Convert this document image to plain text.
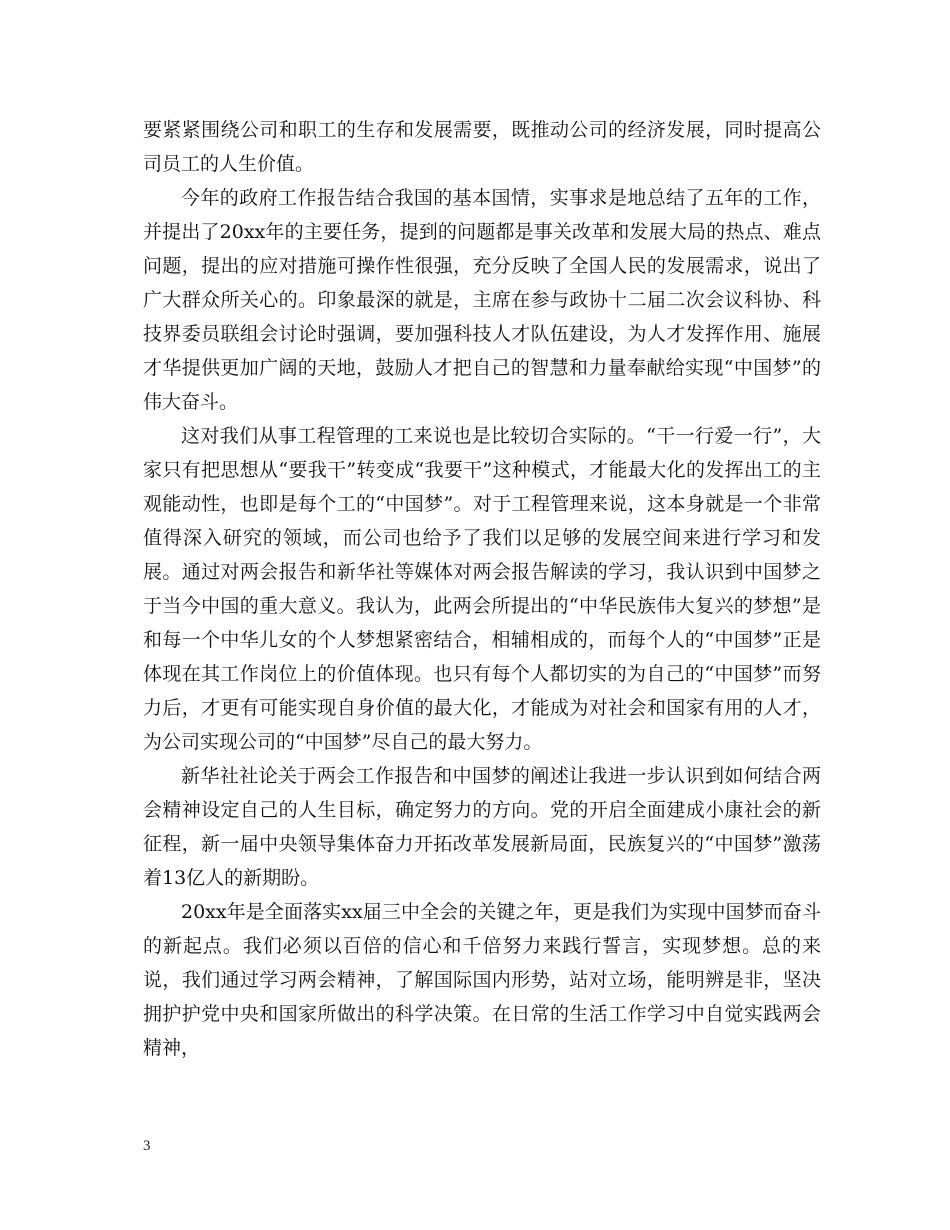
要紧紧围绕公司和职工的生存和发展需要，既推动公司的经济发展，同时提高公司员工的人生价值。

今年的政府工作报告结合我国的基本国情，实事求是地总结了五年的工作，并提出了20xx年的主要任务，提到的问题都是事关改革和发展大局的热点、难点问题，提出的应对措施可操作性很强，充分反映了全国人民的发展需求，说出了广大群众所关心的。印象最深的就是，主席在参与政协十二届二次会议科协、科技界委员联组会讨论时强调，要加强科技人才队伍建设，为人才发挥作用、施展才华提供更加广阔的天地，鼓励人才把自己的智慧和力量奉献给实现“中国梦”的伟大奋斗。

这对我们从事工程管理的工来说也是比较切合实际的。“干一行爱一行”，大家只有把思想从“要我干”转变成“我要干”这种模式，才能最大化的发挥出工的主观能动性，也即是每个工的“中国梦”。对于工程管理来说，这本身就是一个非常值得深入研究的领域，而公司也给予了我们以足够的发展空间来进行学习和发展。通过对两会报告和新华社等媒体对两会报告解读的学习，我认识到中国梦之于当今中国的重大意义。我认为，此两会所提出的“中华民族伟大复兴的梦想”是和每一个中华儿女的个人梦想紧密结合，相辅相成的，而每个人的“中国梦”正是体现在其工作岗位上的价值体现。也只有每个人都切实的为自己的“中国梦”而努力后，才更有可能实现自身价值的最大化，才能成为对社会和国家有用的人才，为公司实现公司的“中国梦”尽自己的最大努力。

新华社社论关于两会工作报告和中国梦的阐述让我进一步认识到如何结合两会精神设定自己的人生目标，确定努力的方向。党的开启全面建成小康社会的新征程，新一届中央领导集体奋力开拓改革发展新局面，民族复兴的“中国梦”激荡着13亿人的新期盼。

20xx年是全面落实xx届三中全会的关键之年，更是我们为实现中国梦而奋斗的新起点。我们必须以百倍的信心和千倍努力来践行誓言，实现梦想。总的来说，我们通过学习两会精神，了解国际国内形势，站对立场，能明辨是非，坚决拥护护党中央和国家所做出的科学决策。在日常的生活工作学习中自觉实践两会精神，

3
